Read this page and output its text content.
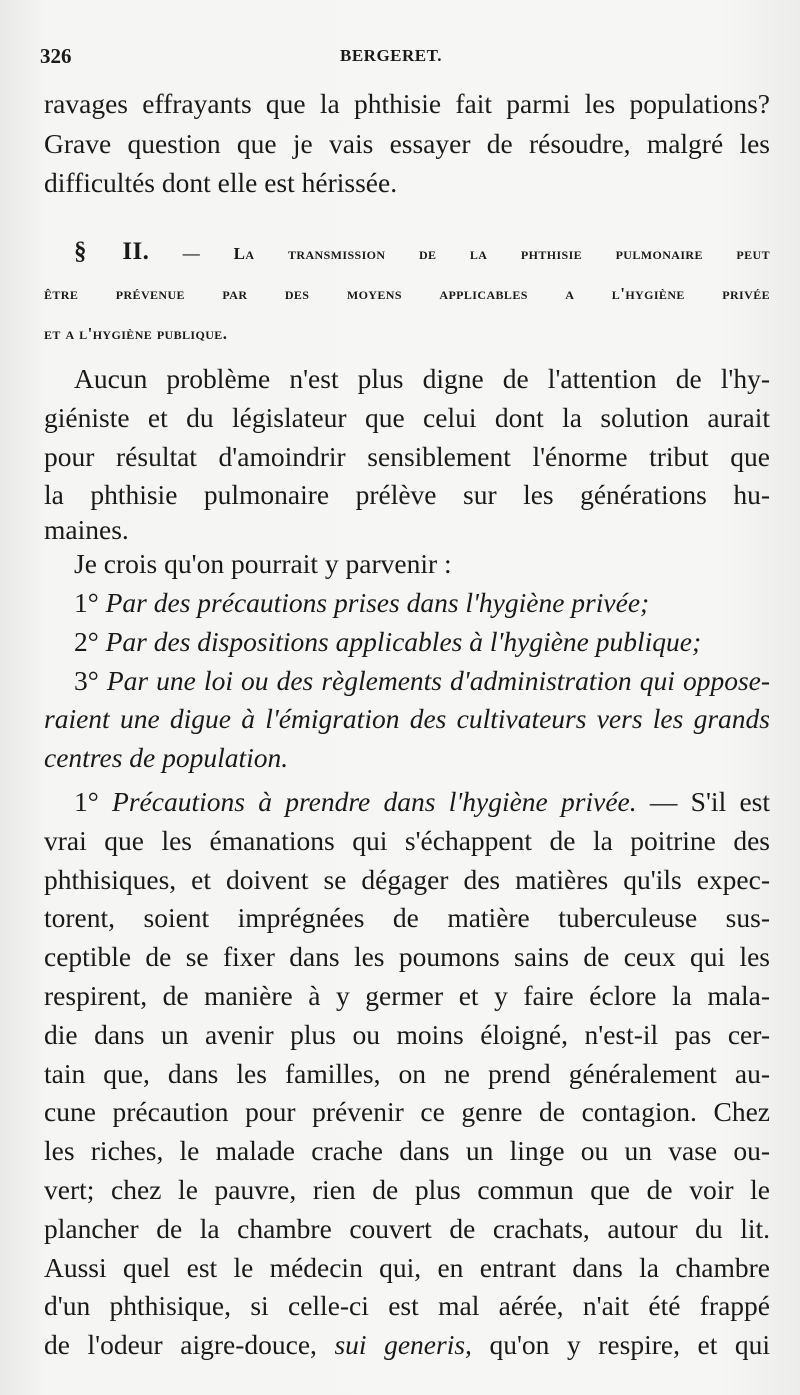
326	BERGERET.
ravages effrayants que la phthisie fait parmi les populations?
Grave question que je vais essayer de résoudre, malgré les
difficultés dont elle est hérissée.
§ II. — La transmission de la phthisie pulmonaire peut
être prévenue par des moyens applicables a l'hygiène privée
et a l'hygiène publique.
Aucun problème n'est plus digne de l'attention de l'hy-
giéniste et du législateur que celui dont la solution aurait
pour résultat d'amoindrir sensiblement l'énorme tribut que
la phthisie pulmonaire prélève sur les générations hu-
maines.
Je crois qu'on pourrait y parvenir :
1° Par des précautions prises dans l'hygiène privée;
2° Par des dispositions applicables à l'hygiène publique;
3° Par une loi ou des règlements d'administration qui oppose-
raient une digue à l'émigration des cultivateurs vers les grands
centres de population.
1° Précautions à prendre dans l'hygiène privée. — S'il est
vrai que les émanations qui s'échappent de la poitrine des
phthisiques, et doivent se dégager des matières qu'ils expec-
torent, soient imprégnées de matière tuberculeuse sus-
ceptible de se fixer dans les poumons sains de ceux qui les
respirent, de manière à y germer et y faire éclore la mala-
die dans un avenir plus ou moins éloigné, n'est-il pas cer-
tain que, dans les familles, on ne prend généralement au-
cune précaution pour prévenir ce genre de contagion. Chez
les riches, le malade crache dans un linge ou un vase ou-
vert; chez le pauvre, rien de plus commun que de voir le
plancher de la chambre couvert de crachats, autour du lit.
Aussi quel est le médecin qui, en entrant dans la chambre
d'un phthisique, si celle-ci est mal aérée, n'ait été frappé
de l'odeur aigre-douce, sui generis, qu'on y respire, et qui
